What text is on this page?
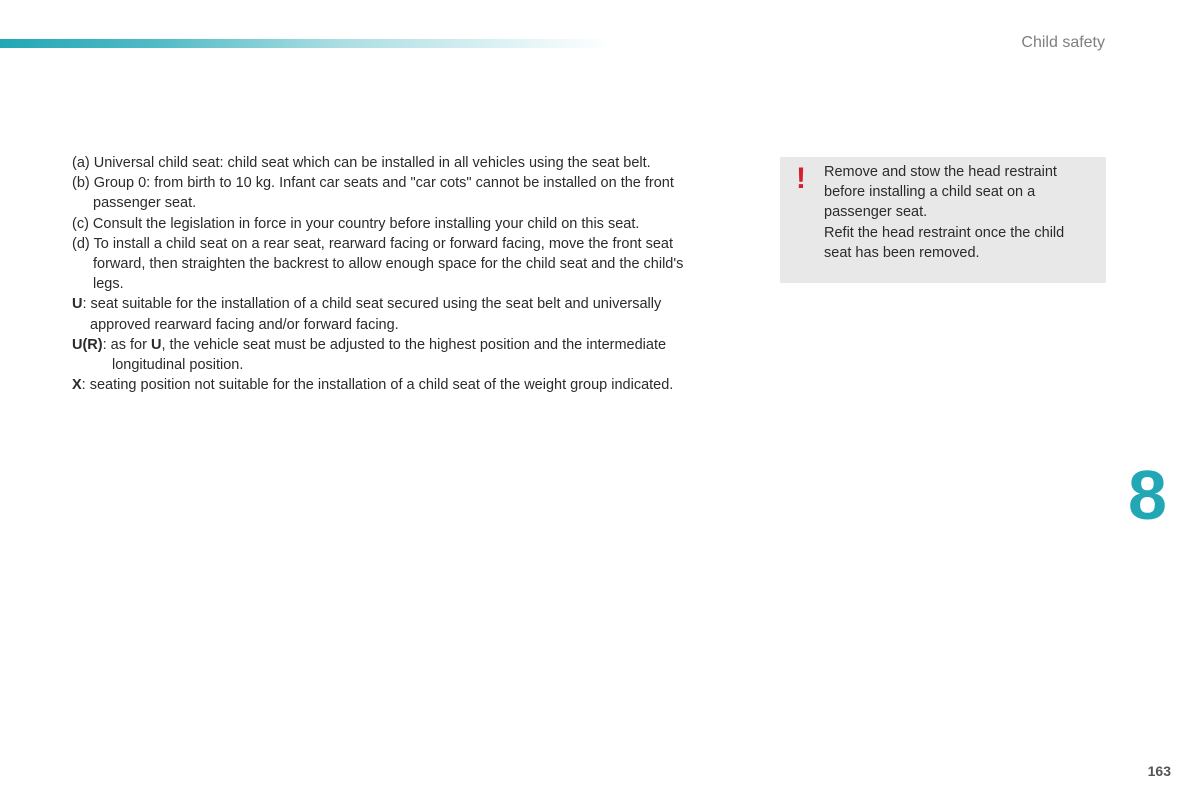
Child safety

(a) Universal child seat: child seat which can be installed in all vehicles using the seat belt.

(b) Group 0: from birth to 10 kg. Infant car seats and "car cots" cannot be installed on the front

passenger seat.

(c) Consult the legislation in force in your country before installing your child on this seat.

(d) To install a child seat on a rear seat, rearward facing or forward facing, move the front seat

forward, then straighten the backrest to allow enough space for the child seat and the child's

legs.

U: seat suitable for the installation of a child seat secured using the seat belt and universally

approved rearward facing and/or forward facing.

U(R): as for U, the vehicle seat must be adjusted to the highest position and the intermediate

longitudinal position.

X: seating position not suitable for the installation of a child seat of the weight group indicated.

! Remove and stow the head restraint

before installing a child seat on a

passenger seat.

Refit the head restraint once the child

seat has been removed.

8
163
